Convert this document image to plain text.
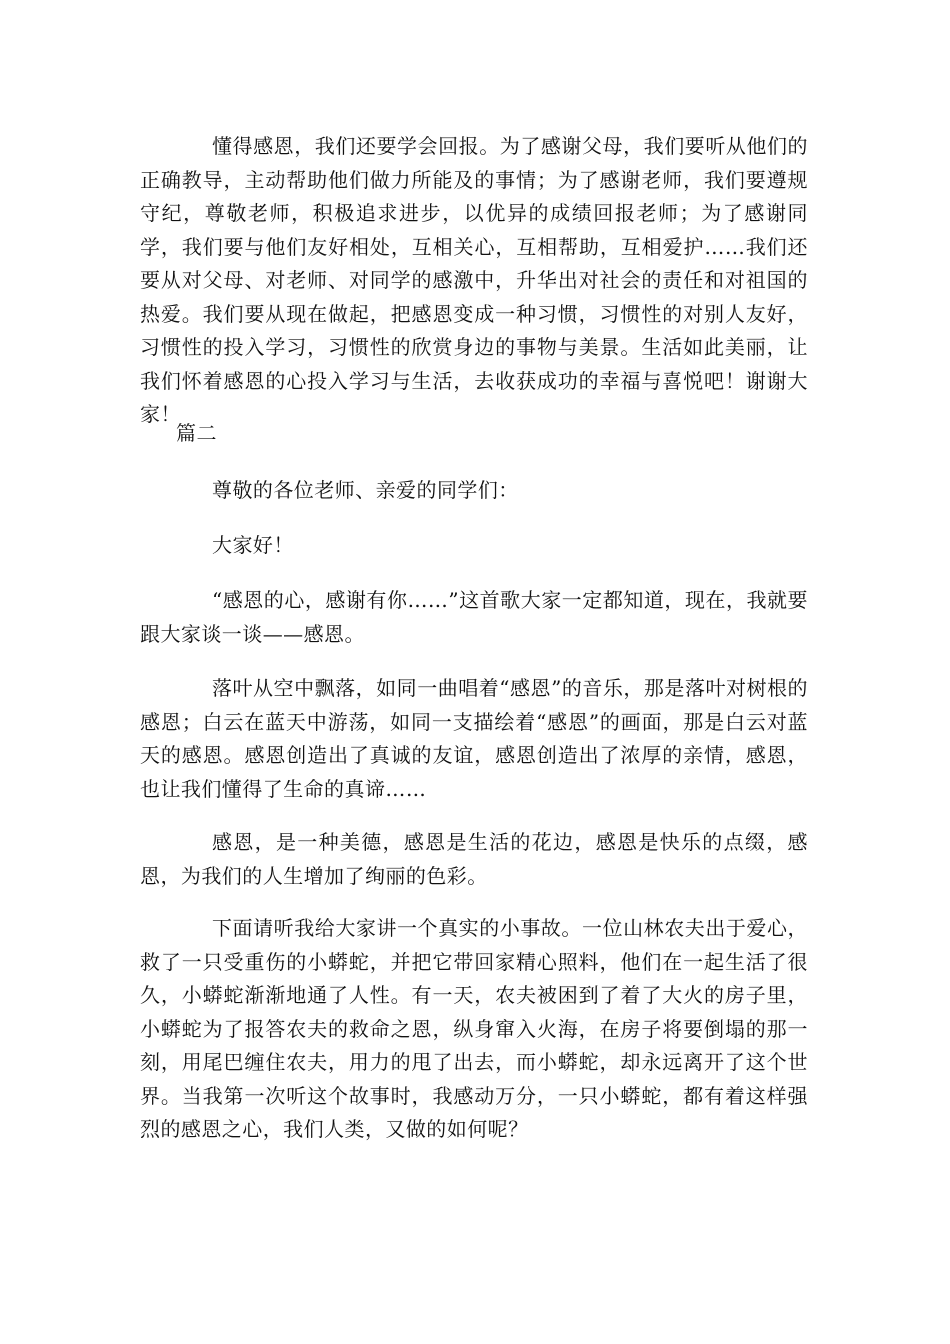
懂得感恩，我们还要学会回报。为了感谢父母，我们要听从他们的正确教导，主动帮助他们做力所能及的事情；为了感谢老师，我们要遵规守纪，尊敬老师，积极追求进步，以优异的成绩回报老师；为了感谢同学，我们要与他们友好相处，互相关心，互相帮助，互相爱护……我们还要从对父母、对老师、对同学的感激中，升华出对社会的责任和对祖国的热爱。我们要从现在做起，把感恩变成一种习惯，习惯性的对别人友好，习惯性的投入学习，习惯性的欣赏身边的事物与美景。生活如此美丽，让我们怀着感恩的心投入学习与生活，去收获成功的幸福与喜悦吧！谢谢大家！

篇二

尊敬的各位老师、亲爱的同学们：

大家好！

“感恩的心，感谢有你……”这首歌大家一定都知道，现在，我就要跟大家谈一谈——感恩。

落叶从空中飘落，如同一曲唱着“感恩”的音乐，那是落叶对树根的感恩；白云在蓝天中游荡，如同一支描绘着“感恩”的画面，那是白云对蓝天的感恩。感恩创造出了真诚的友谊，感恩创造出了浓厚的亲情，感恩，也让我们懂得了生命的真谛……

感恩，是一种美德，感恩是生活的花边，感恩是快乐的点缀，感恩，为我们的人生增加了绚丽的色彩。

下面请听我给大家讲一个真实的小事故。一位山林农夫出于爱心，救了一只受重伤的小蟒蛇，并把它带回家精心照料，他们在一起生活了很久，小蟒蛇渐渐地通了人性。有一天，农夫被困到了着了大火的房子里，小蟒蛇为了报答农夫的救命之恩，纵身窜入火海，在房子将要倒塌的那一刻，用尾巴缠住农夫，用力的甩了出去，而小蟒蛇，却永远离开了这个世界。当我第一次听这个故事时，我感动万分，一只小蟒蛇，都有着这样强烈的感恩之心，我们人类，又做的如何呢？
